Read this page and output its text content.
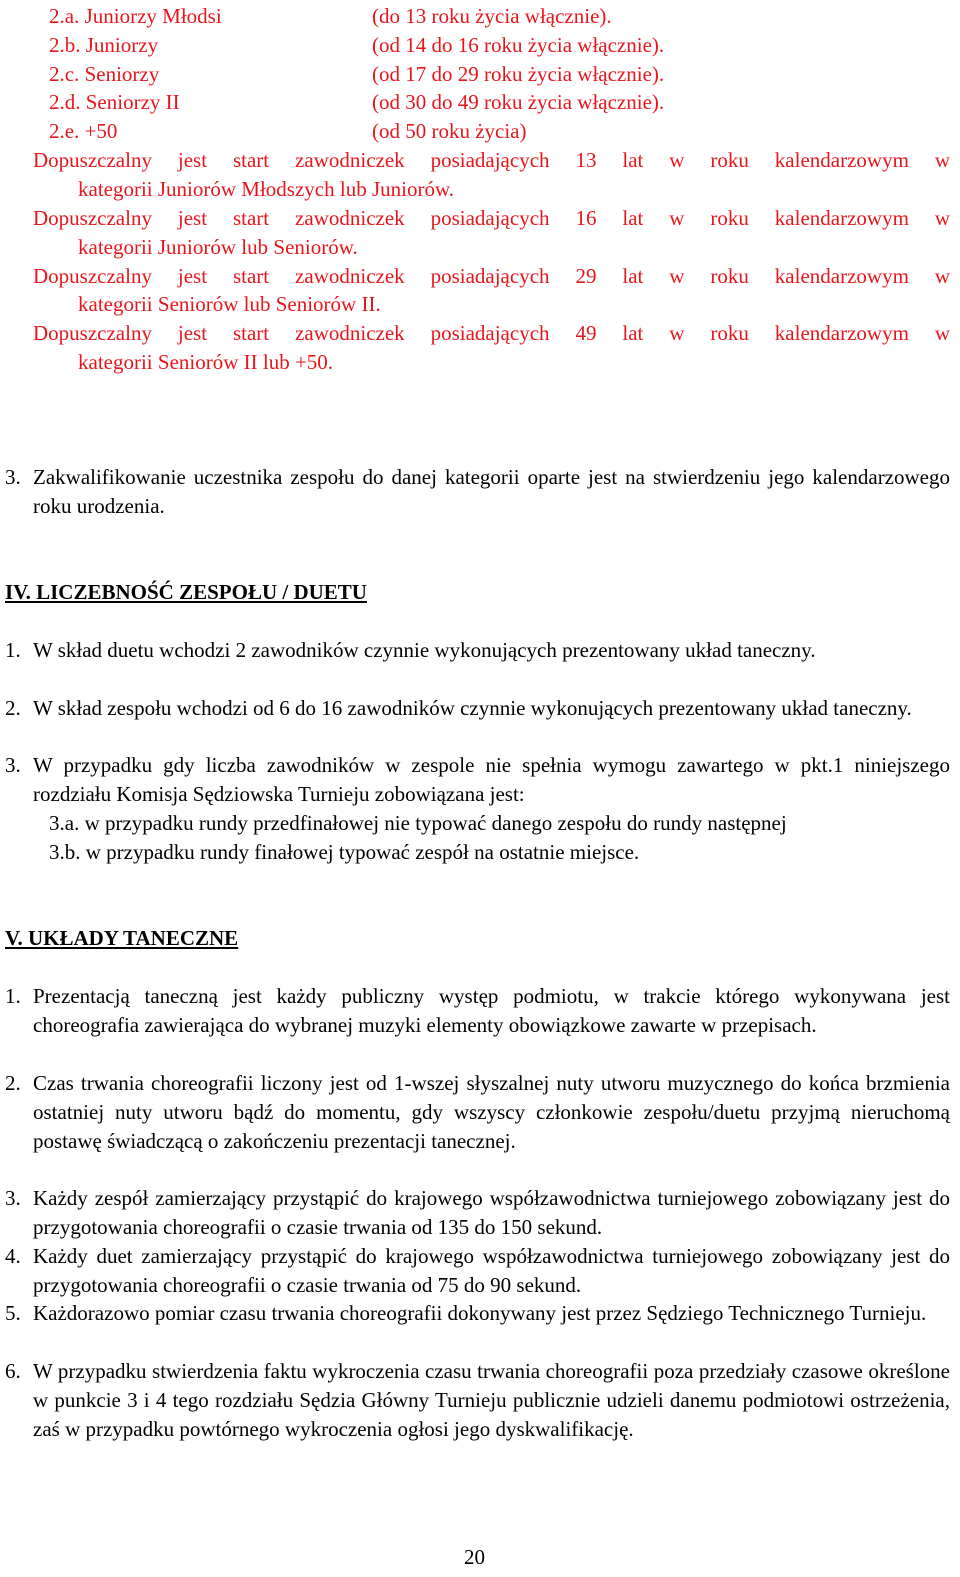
2.a. Juniorzy Młodsi	(do 13 roku życia włącznie).
2.b. Juniorzy	(od 14 do 16 roku życia włącznie).
2.c. Seniorzy	(od 17 do 29 roku życia włącznie).
2.d. Seniorzy II	(od 30 do 49 roku życia włącznie).
2.e. +50	(od 50 roku życia)
Dopuszczalny jest start zawodniczek posiadających 13 lat w roku kalendarzowym w
kategorii Juniorów Młodszych lub Juniorów.
Dopuszczalny jest start zawodniczek posiadających 16 lat w roku kalendarzowym w
kategorii Juniorów lub Seniorów.
Dopuszczalny jest start zawodniczek posiadających 29 lat w roku kalendarzowym w
kategorii Seniorów lub Seniorów II.
Dopuszczalny jest start zawodniczek posiadających 49 lat w roku kalendarzowym w
kategorii Seniorów II lub +50.
3. Zakwalifikowanie uczestnika zespołu do danej kategorii oparte jest na stwierdzeniu jego kalendarzowego roku urodzenia.
IV. LICZEBNOŚĆ ZESPOŁU / DUETU
1. W skład duetu wchodzi 2 zawodników czynnie wykonujących prezentowany układ taneczny.
2. W skład zespołu wchodzi od 6 do 16 zawodników czynnie wykonujących prezentowany układ taneczny.
3. W przypadku gdy liczba zawodników w zespole nie spełnia wymogu zawartego w pkt.1 niniejszego rozdziału Komisja Sędziowska Turnieju zobowiązana jest:
3.a. w przypadku rundy przedfinałowej nie typować danego zespołu do rundy następnej
3.b. w przypadku rundy finałowej typować zespół na ostatnie miejsce.
V. UKŁADY TANECZNE
1. Prezentacją taneczną jest każdy publiczny występ podmiotu, w trakcie którego wykonywana jest choreografia zawierająca do wybranej muzyki elementy obowiązkowe zawarte w przepisach.
2. Czas trwania choreografii liczony jest od 1-wszej słyszalnej nuty utworu muzycznego do końca brzmienia ostatniej nuty utworu bądź do momentu, gdy wszyscy członkowie zespołu/duetu przyjmą nieruchomą postawę świadczącą o zakończeniu prezentacji tanecznej.
3. Każdy zespół zamierzający przystąpić do krajowego współzawodnictwa turniejowego zobowiązany jest do przygotowania choreografii o czasie trwania od 135 do 150 sekund.
4. Każdy duet zamierzający przystąpić do krajowego współzawodnictwa turniejowego zobowiązany jest do przygotowania choreografii o czasie trwania od 75 do 90 sekund.
5. Każdorazowo pomiar czasu trwania choreografii dokonywany jest przez Sędziego Technicznego Turnieju.
6. W przypadku stwierdzenia faktu wykroczenia czasu trwania choreografii poza przedziały czasowe określone w punkcie 3 i 4 tego rozdziału Sędzia Główny Turnieju publicznie udzieli danemu podmiotowi ostrzeżenia, zaś w przypadku powtórnego wykroczenia ogłosi jego dyskwalifikację.
20
